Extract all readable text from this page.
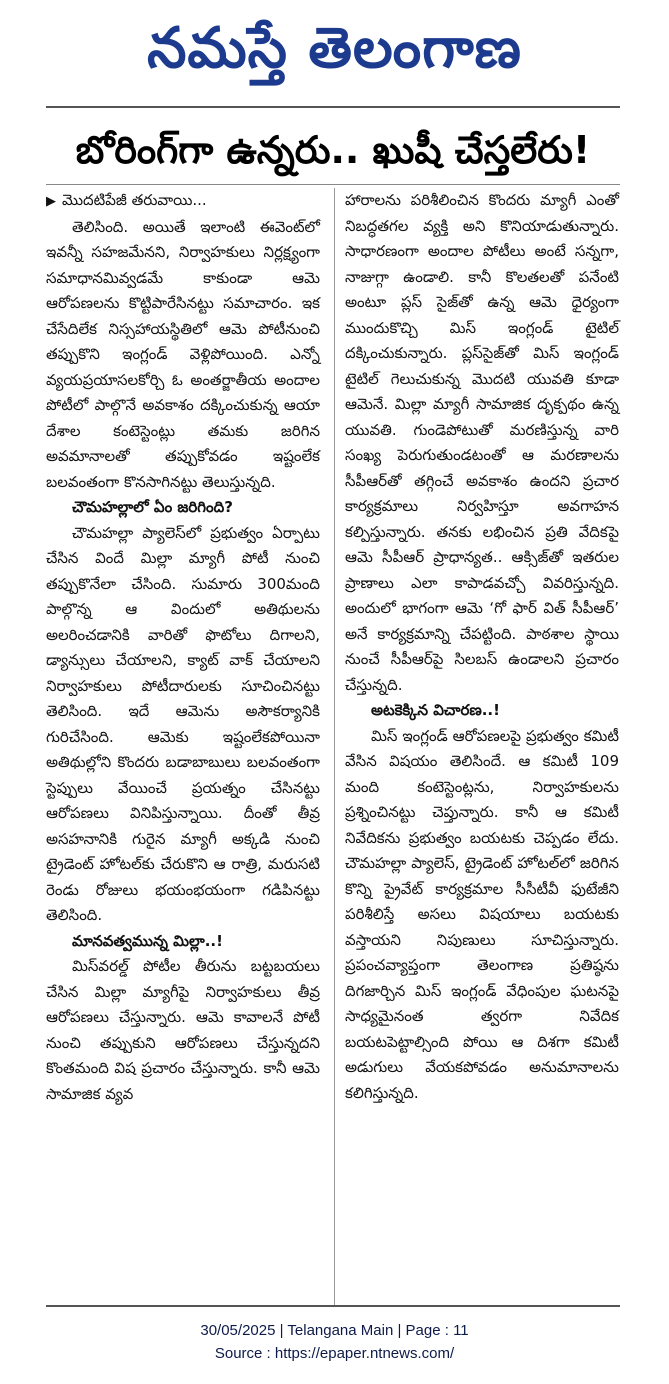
నమస్తే తెలంగాణ
బోరింగ్‌గా ఉన్నరు.. ఖుషీ చేస్తలేరు!

▶ మొదటిపేజీ తరువాయి...

తెలిసింది. అయితే ఇలాంటి ఈవెంట్‌లో ఇవన్నీ సహజమేనని, నిర్వాహకులు నిర్లక్ష్యంగా సమాధానమివ్వడమే కాకుండా ఆమె ఆరోపణలను కొట్టిపారేసినట్టు సమాచారం. ఇక చేసేదిలేక నిస్సహాయస్థితిలో ఆమె పోటీనుంచి తప్పుకొని ఇంగ్లండ్ వెళ్లిపోయింది. ఎన్నో వ్యయప్రయాసలకోర్చి ఓ అంతర్జాతీయ అందాల పోటీలో పాల్గొనే అవకాశం దక్కించుకున్న ఆయా దేశాల కంటెస్టెంట్లు తమకు జరిగిన అవమానాలతో తప్పుకోవడం ఇష్టంలేక బలవంతంగా కొనసాగినట్టు తెలుస్తున్నది.

చౌమహల్లాలో ఏం జరిగింది?

చౌమహల్లా ప్యాలెస్‌లో ప్రభుత్వం ఏర్పాటు చేసిన విందే మిల్లా మ్యాగీ పోటీ నుంచి తప్పుకొనేలా చేసింది. సుమారు 300మంది పాల్గొన్న ఆ విందులో అతిథులను అలరించడానికి వారితో ఫొటోలు దిగాలని, డ్యాన్సులు చేయాలని, క్యాట్ వాక్ చేయాలని నిర్వాహకులు పోటీదారులకు సూచించినట్టు తెలిసింది. ఇదే ఆమెను అసౌకర్యానికి గురిచేసింది. ఆమెకు ఇష్టంలేకపోయినా అతిథుల్లోని కొందరు బడాబాబులు బలవంతంగా స్టెప్పులు వేయించే ప్రయత్నం చేసినట్టు ఆరోపణలు వినిపిస్తున్నాయి. దీంతో తీవ్ర అసహనానికి గురైన మ్యాగీ అక్కడి నుంచి ట్రైడెంట్ హోటల్‌కు చేరుకొని ఆ రాత్రి, మరుసటి రెండు రోజులు భయంభయంగా గడిపినట్టు తెలిసింది.

మానవత్వమున్న మిల్లా..!

మిస్‌వరల్డ్ పోటీల తీరును బట్టబయలు చేసిన మిల్లా మ్యాగీపై నిర్వాహకులు తీవ్ర ఆరోపణలు చేస్తున్నారు. ఆమె కావాలనే పోటీ నుంచి తప్పుకుని ఆరోపణలు చేస్తున్నదని కొంతమంది విష ప్రచారం చేస్తున్నారు. కానీ ఆమె సామాజిక వ్యవ

హారాలను పరిశీలించిన కొందరు మ్యాగీ ఎంతో నిబద్ధతగల వ్యక్తి అని కొనియాడుతున్నారు. సాధారణంగా అందాల పోటీలు అంటే సన్నగా, నాజుగ్గా ఉండాలి. కానీ కొలతలతో పనేంటి అంటూ ప్లస్ సైజ్‌తో ఉన్న ఆమె ధైర్యంగా ముందుకొచ్చి మిస్ ఇంగ్లండ్ టైటిల్ దక్కించుకున్నారు. ప్లస్‌సైజ్‌తో మిస్ ఇంగ్లండ్ టైటిల్ గెలుచుకున్న మొదటి యువతి కూడా ఆమెనే. మిల్లా మ్యాగీ సామాజిక దృక్పథం ఉన్న యువతి. గుండెపోటుతో మరణిస్తున్న వారి సంఖ్య పెరుగుతుండటంతో ఆ మరణాలను సీపీఆర్‌తో తగ్గించే అవకాశం ఉందని ప్రచార కార్యక్రమాలు నిర్వహిస్తూ అవగాహన కల్పిస్తున్నారు. తనకు లభించిన ప్రతి వేదికపై ఆమె సీపీఆర్ ప్రాధాన్యత.. ఆక్సిజ్‌తో ఇతరుల ప్రాణాలు ఎలా కాపాడవచ్చో వివరిస్తున్నది. అందులో భాగంగా ఆమె ‘గో ఫార్ విత్ సీపీఆర్’ అనే కార్యక్రమాన్ని చేపట్టింది. పాఠశాల స్థాయి నుంచే సీపీఆర్‌పై సిలబస్ ఉండాలని ప్రచారం చేస్తున్నది.

అటకెక్కిన విచారణ..!

మిస్ ఇంగ్లండ్ ఆరోపణలపై ప్రభుత్వం కమిటీ వేసిన విషయం తెలిసిందే. ఆ కమిటీ 109 మంది కంటెస్టెంట్లను, నిర్వాహకులను ప్రశ్నించినట్టు చెప్తున్నారు. కానీ ఆ కమిటీ నివేదికను ప్రభుత్వం బయటకు చెప్పడం లేదు. చౌమహల్లా ప్యాలెస్, ట్రైడెంట్ హోటల్‌లో జరిగిన కొన్ని ప్రైవేట్ కార్యక్రమాల సీసీటీవీ ఫుటేజీని పరిశీలిస్తే అసలు విషయాలు బయటకు వస్తాయని నిపుణులు సూచిస్తున్నారు. ప్రపంచవ్యాప్తంగా తెలంగాణ ప్రతిష్ఠను దిగజార్చిన మిస్ ఇంగ్లండ్ వేధింపుల ఘటనపై సాధ్యమైనంత త్వరగా నివేదిక బయటపెట్టాల్సింది పోయి ఆ దిశగా కమిటీ అడుగులు వేయకపోవడం అనుమానాలను కలిగిస్తున్నది.

30/05/2025 | Telangana Main | Page : 11
Source : https://epaper.ntnews.com/
